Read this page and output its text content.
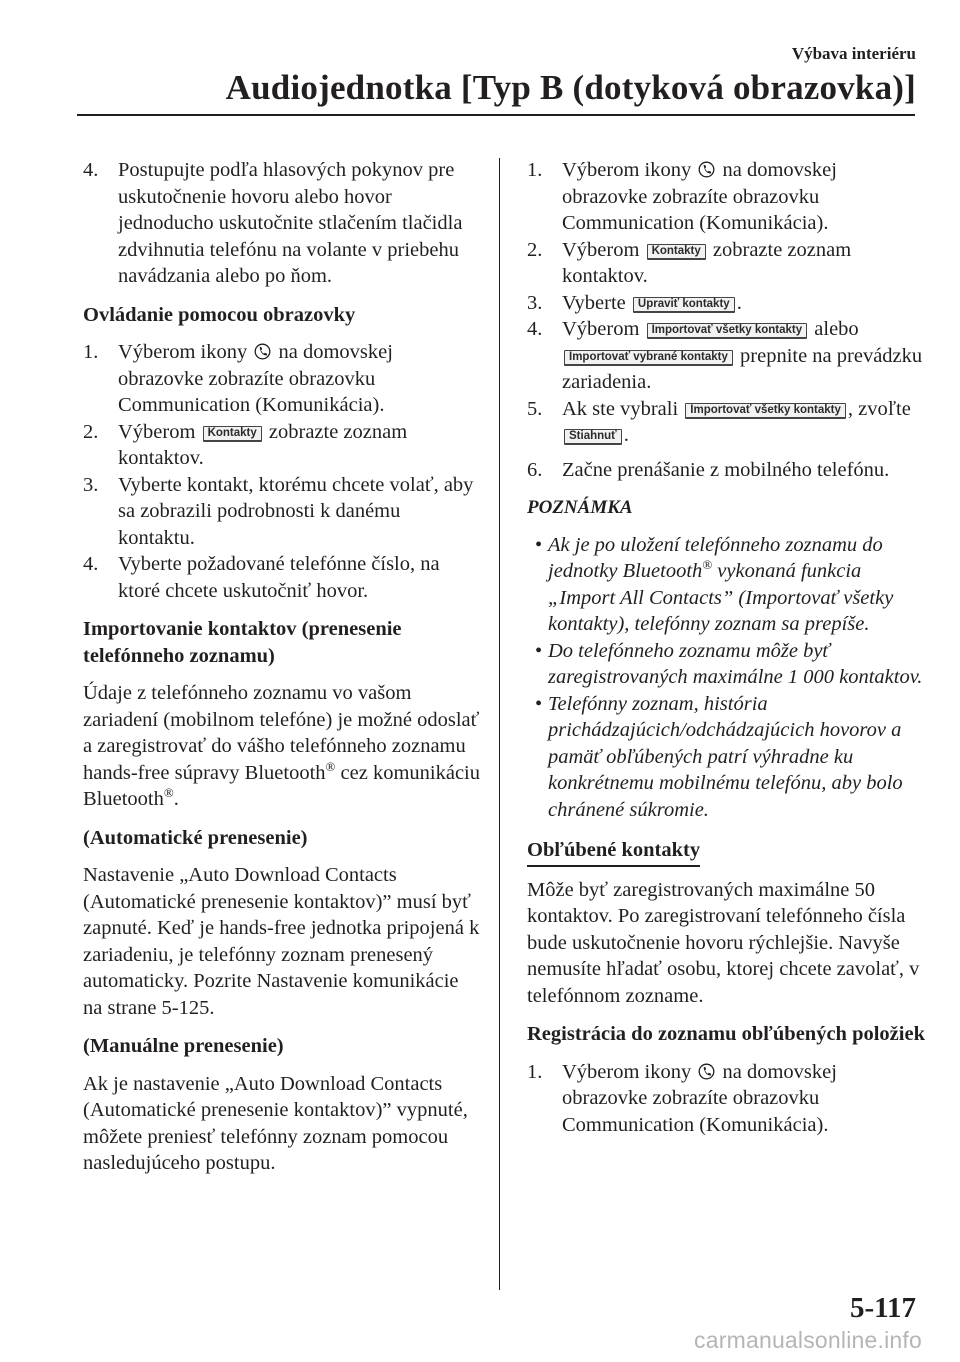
Výbava interiéru
Audiojednotka [Typ B (dotyková obrazovka)]
4. Postupujte podľa hlasových pokynov pre uskutočnenie hovoru alebo hovor jednoducho uskutočnite stlačením tlačidla zdvihnutia telefónu na volante v priebehu navádzania alebo po ňom.

Ovládanie pomocou obrazovky

1. Výberom ikony na domovskej obrazovke zobrazíte obrazovku Communication (Komunikácia).
2. Výberom Kontakty zobrazte zoznam kontaktov.
3. Vyberte kontakt, ktorému chcete volať, aby sa zobrazili podrobnosti k danému kontaktu.
4. Vyberte požadované telefónne číslo, na ktoré chcete uskutočniť hovor.

Importovanie kontaktov (prenesenie telefónneho zoznamu)

Údaje z telefónneho zoznamu vo vašom zariadení (mobilnom telefóne) je možné odoslať a zaregistrovať do vášho telefónneho zoznamu hands-free súpravy Bluetooth® cez komunikáciu Bluetooth®.

(Automatické prenesenie)

Nastavenie „Auto Download Contacts (Automatické prenesenie kontaktov)” musí byť zapnuté. Keď je hands-free jednotka pripojená k zariadeniu, je telefónny zoznam prenesený automaticky. Pozrite Nastavenie komunikácie na strane 5-125.

(Manuálne prenesenie)

Ak je nastavenie „Auto Download Contacts (Automatické prenesenie kontaktov)” vypnuté, môžete preniesť telefónny zoznam pomocou nasledujúceho postupu.

1. Výberom ikony na domovskej obrazovke zobrazíte obrazovku Communication (Komunikácia).
2. Výberom Kontakty zobrazte zoznam kontaktov.
3. Vyberte Upraviť kontakty .
4. Výberom Importovať všetky kontakty alebo Importovať vybrané kontakty prepnite na prevádzku zariadenia.
5. Ak ste vybrali Importovať všetky kontakty , zvoľte Stiahnuť .
6. Začne prenášanie z mobilného telefónu.

POZNÁMKA

• Ak je po uložení telefónneho zoznamu do jednotky Bluetooth® vykonaná funkcia „Import All Contacts” (Importovať všetky kontakty), telefónny zoznam sa prepíše.
• Do telefónneho zoznamu môže byť zaregistrovaných maximálne 1 000 kontaktov.
• Telefónny zoznam, história prichádzajúcich/odchádzajúcich hovorov a pamäť obľúbených patrí výhradne ku konkrétnemu mobilnému telefónu, aby bolo chránené súkromie.

Obľúbené kontakty

Môže byť zaregistrovaných maximálne 50 kontaktov. Po zaregistrovaní telefónneho čísla bude uskutočnenie hovoru rýchlejšie. Navyše nemusíte hľadať osobu, ktorej chcete zavolať, v telefónnom zozname.

Registrácia do zoznamu obľúbených položiek

1. Výberom ikony na domovskej obrazovke zobrazíte obrazovku Communication (Komunikácia).
5-117
carmanualsonline.info
